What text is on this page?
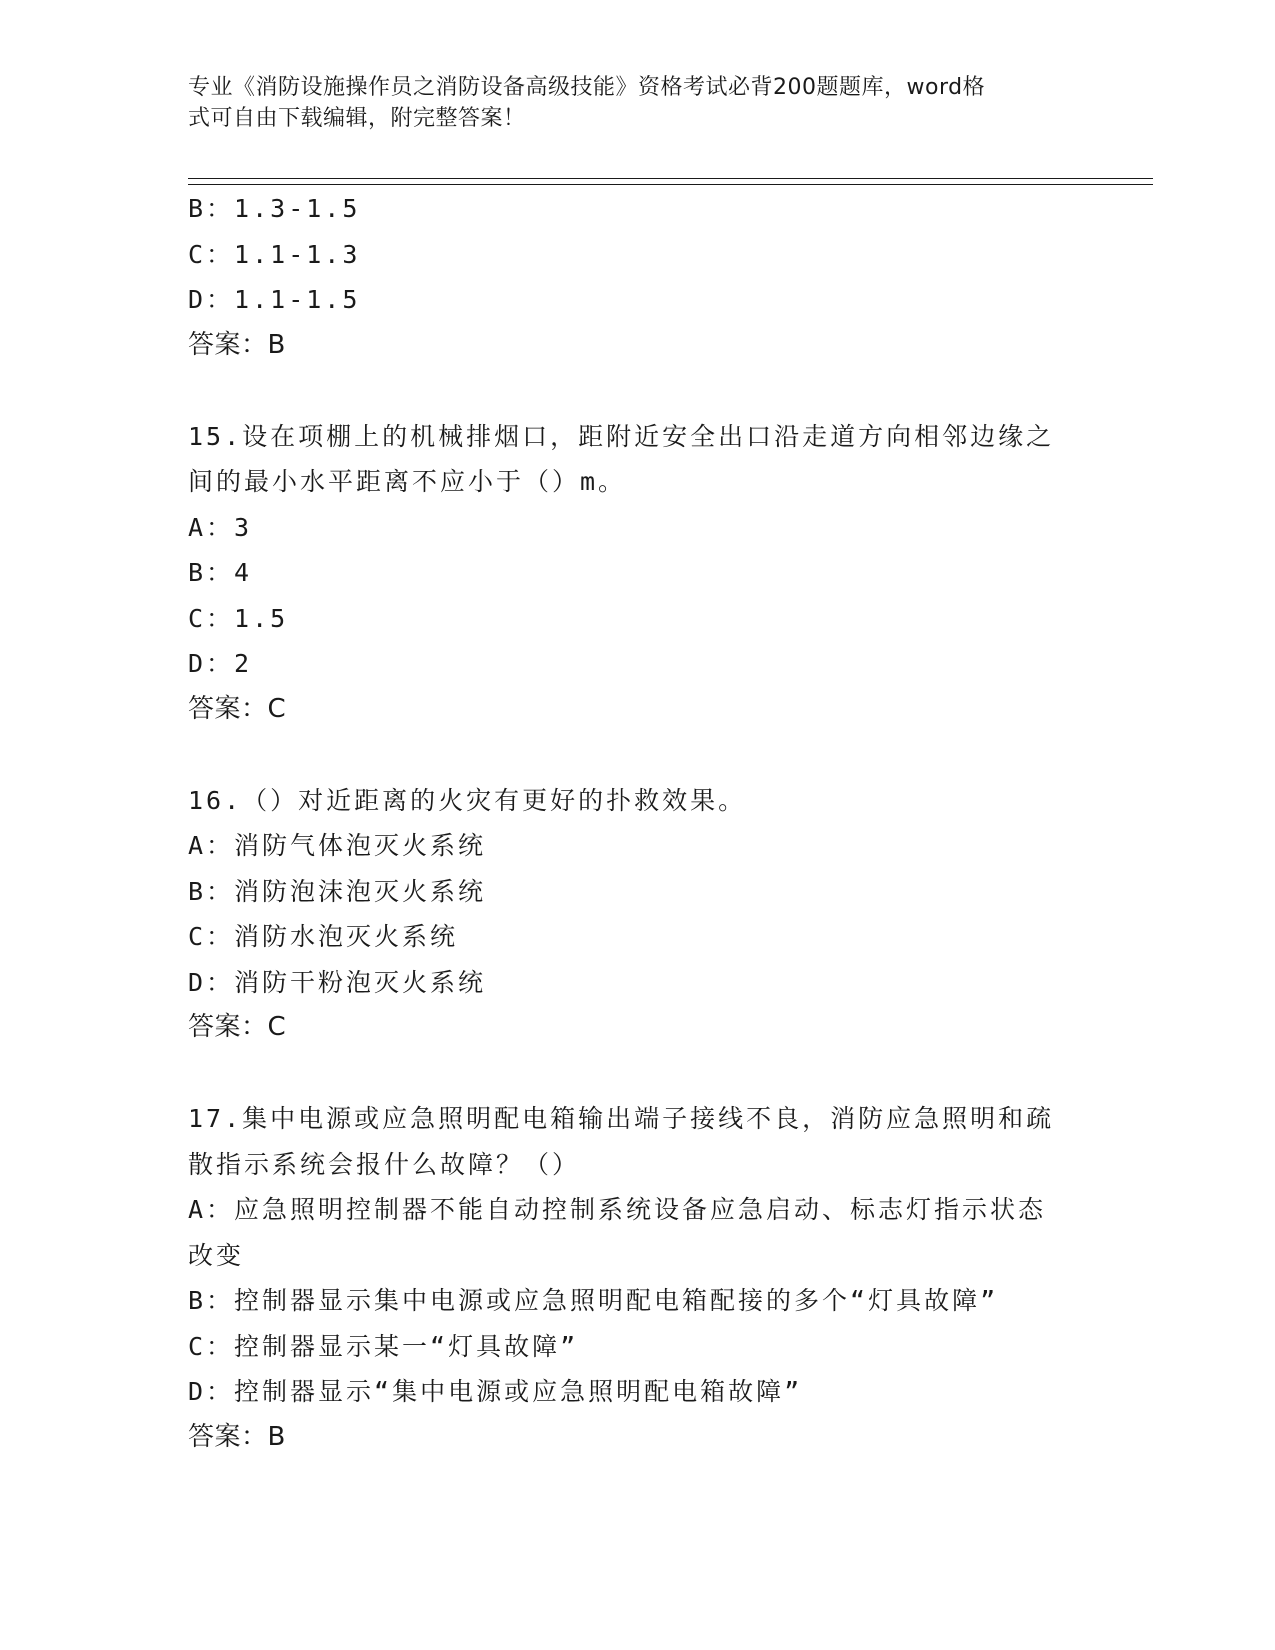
专业《消防设施操作员之消防设备高级技能》资格考试必背200题题库，word格
式可自由下载编辑，附完整答案！
B：1.3-1.5
C：1.1-1.3
D：1.1-1.5
答案：B
15.设在项棚上的机械排烟口，距附近安全出口沿走道方向相邻边缘之
间的最小水平距离不应小于（）m。
A：3
B：4
C：1.5
D：2
答案：C
16.（）对近距离的火灾有更好的扑救效果。
A：消防气体泡灭火系统
B：消防泡沫泡灭火系统
C：消防水泡灭火系统
D：消防干粉泡灭火系统
答案：C
17.集中电源或应急照明配电箱输出端子接线不良，消防应急照明和疏
散指示系统会报什么故障？（）
A：应急照明控制器不能自动控制系统设备应急启动、标志灯指示状态
改变
B：控制器显示集中电源或应急照明配电箱配接的多个“灯具故障”
C：控制器显示某一“灯具故障”
D：控制器显示“集中电源或应急照明配电箱故障”
答案：B
